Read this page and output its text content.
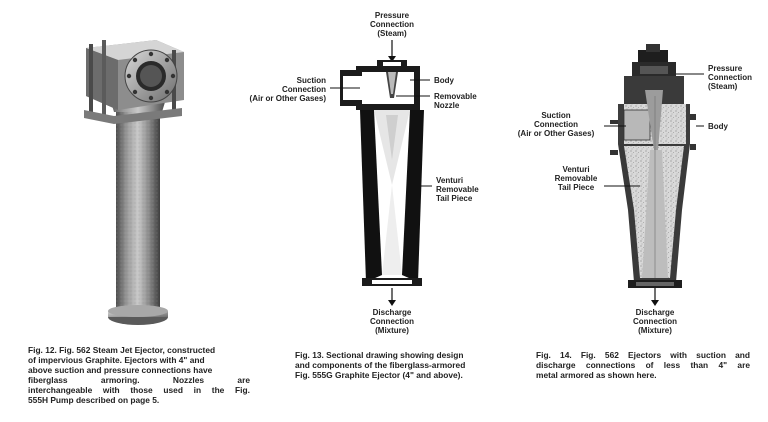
Fig. 12. Fig. 562 Steam Jet Ejector, constructed
of impervious Graphite. Ejectors with 4" and
above suction and pressure connections have
fiberglass	armoring.	Nozzles	are
interchangeable with those used in the Fig.
555H Pump described on page 5.
Pressure
Connection
(Steam)
Suction
Connection
(Air or Other Gases)
Body
Removable
Nozzle
Venturi
Removable
Tail Piece
Discharge
Connection
(Mixture)
Fig. 13. Sectional drawing showing design
and components of the fiberglass-armored
Fig. 555G Graphite Ejector (4" and above).
Pressure
Connection
(Steam)
Suction
Connection
(Air or Other Gases)
Body
Venturi
Removable
Tail Piece
Discharge
Connection
(Mixture)
Fig. 14. Fig. 562 Ejectors with suction and
discharge connections of less than 4" are
metal armored as shown here.
